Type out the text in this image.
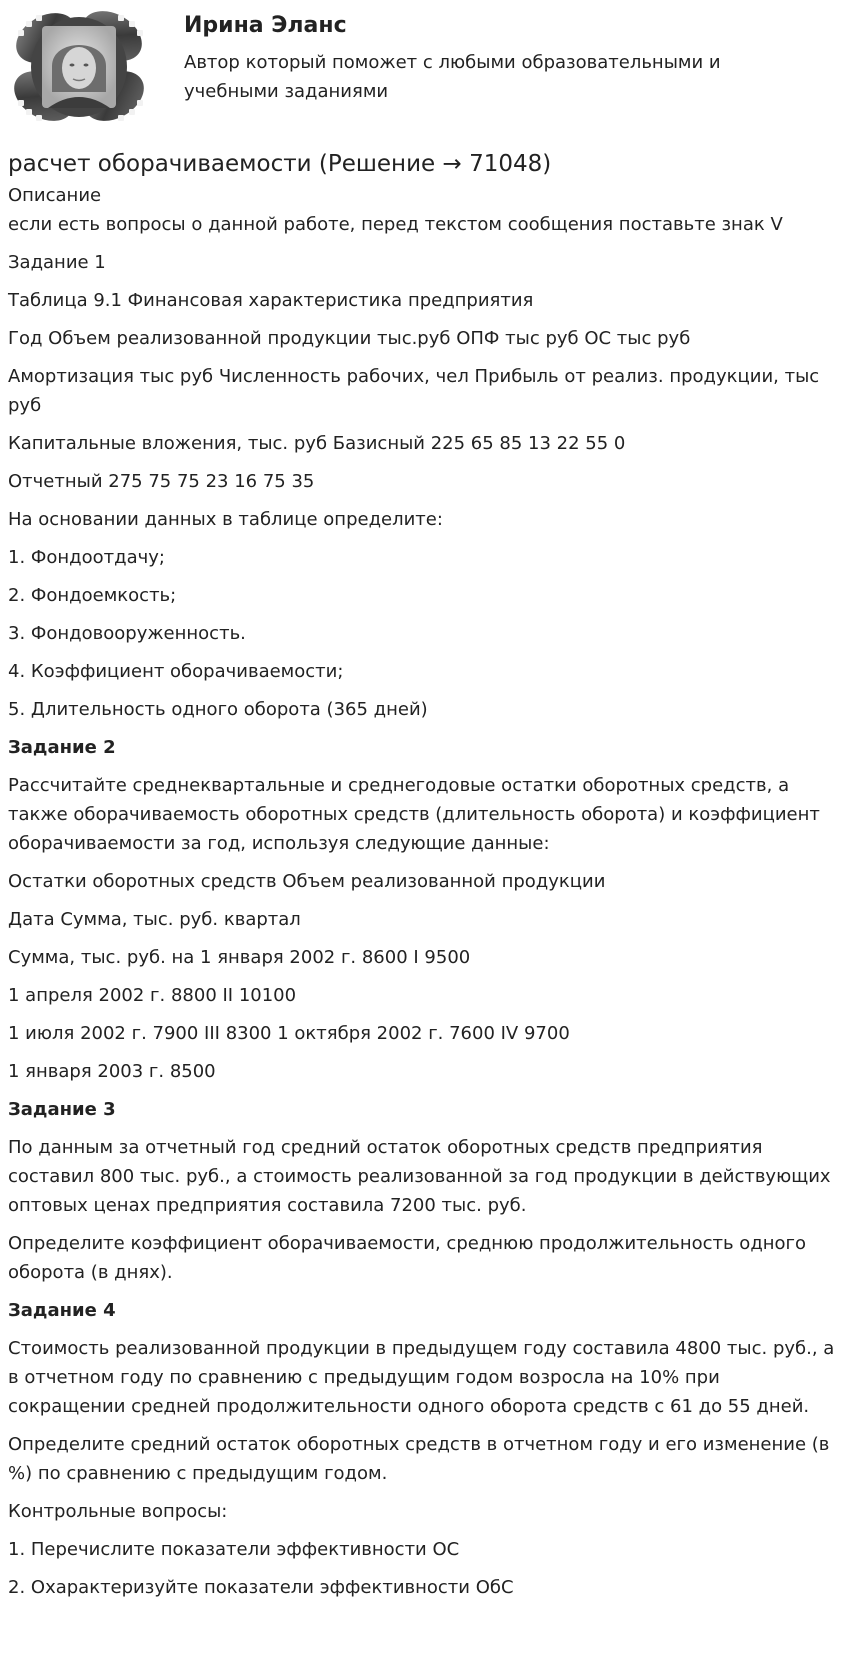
Ирина Эланс

Автор который поможет с любыми образовательными и учебными заданиями

расчет оборачиваемости (Решение → 71048)
Описание

если есть вопросы о данной работе, перед текстом сообщения поставьте знак V

Задание 1

Таблица 9.1 Финансовая характеристика предприятия

Год Объем реализованной продукции тыс.руб ОПФ тыс руб ОС тыс руб

Амортизация тыс руб Численность рабочих, чел Прибыль от реализ. продукции, тыс руб

Капитальные вложения, тыс. руб Базисный 225 65 85 13 22 55 0

Отчетный 275 75 75 23 16 75 35

На основании данных в таблице определите:

1. Фондоотдачу;

2. Фондоемкость;

3. Фондовооруженность.

4. Коэффициент оборачиваемости;

5. Длительность одного оборота (365 дней)

Задание 2

Рассчитайте среднеквартальные и среднегодовые остатки оборотных средств, а также оборачиваемость оборотных средств (длительность оборота) и коэффициент оборачиваемости за год, используя следующие данные:

Остатки оборотных средств Объем реализованной продукции

Дата Сумма, тыс. руб. квартал

Сумма, тыс. руб. на 1 января 2002 г. 8600 I 9500

1 апреля 2002 г. 8800 II 10100

1 июля 2002 г. 7900 III 8300 1 октября 2002 г. 7600 IV 9700

1 января 2003 г. 8500

Задание 3

По данным за отчетный год средний остаток оборотных средств предприятия составил 800 тыс. руб., а стоимость реализованной за год продукции в действующих оптовых ценах предприятия составила 7200 тыс. руб.

Определите коэффициент оборачиваемости, среднюю продолжительность одного оборота (в днях).

Задание 4

Стоимость реализованной продукции в предыдущем году составила 4800 тыс. руб., а в отчетном году по сравнению с предыдущим годом возросла на 10% при сокращении средней продолжительности одного оборота средств с 61 до 55 дней.

Определите средний остаток оборотных средств в отчетном году и его изменение (в %) по сравнению с предыдущим годом.

Контрольные вопросы:

1. Перечислите показатели эффективности ОС

2. Охарактеризуйте показатели эффективности ОбС
